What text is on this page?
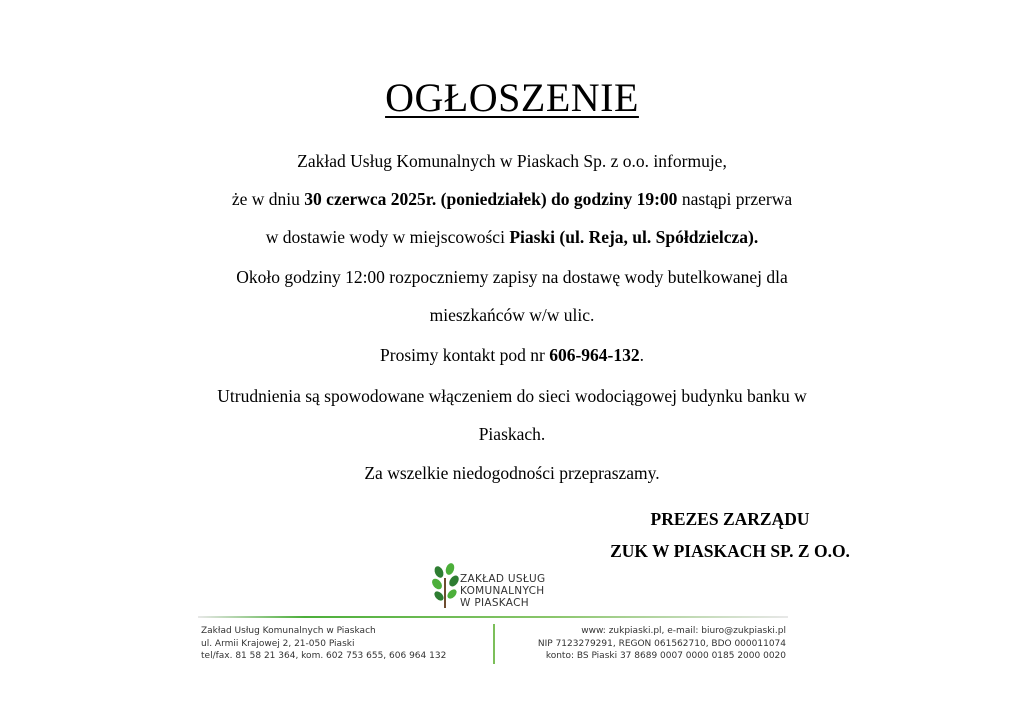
OGŁOSZENIE
Zakład Usług Komunalnych w Piaskach Sp. z o.o. informuje,
że w dniu 30 czerwca 2025r. (poniedziałek) do godziny 19:00 nastąpi przerwa
w dostawie wody w miejscowości Piaski (ul. Reja, ul. Spółdzielcza).
Około godziny 12:00 rozpoczniemy zapisy na dostawę wody butelkowanej dla
mieszkańców w/w ulic.
Prosimy kontakt pod nr 606-964-132.
Utrudnienia są spowodowane włączeniem do sieci wodociągowej budynku banku w
Piaskach.
Za wszelkie niedogodności przepraszamy.
PREZES ZARZĄDU
ZUK W PIASKACH SP. Z O.O.
ZAKŁAD USŁUG
KOMUNALNYCH
W PIASKACH
Zakład Usług Komunalnych w Piaskach
ul. Armii Krajowej 2, 21-050 Piaski
tel/fax. 81 58 21 364, kom. 602 753 655, 606 964 132
www: zukpiaski.pl, e-mail: biuro@zukpiaski.pl
NIP 7123279291, REGON 061562710, BDO 000011074
konto: BS Piaski 37 8689 0007 0000 0185 2000 0020
